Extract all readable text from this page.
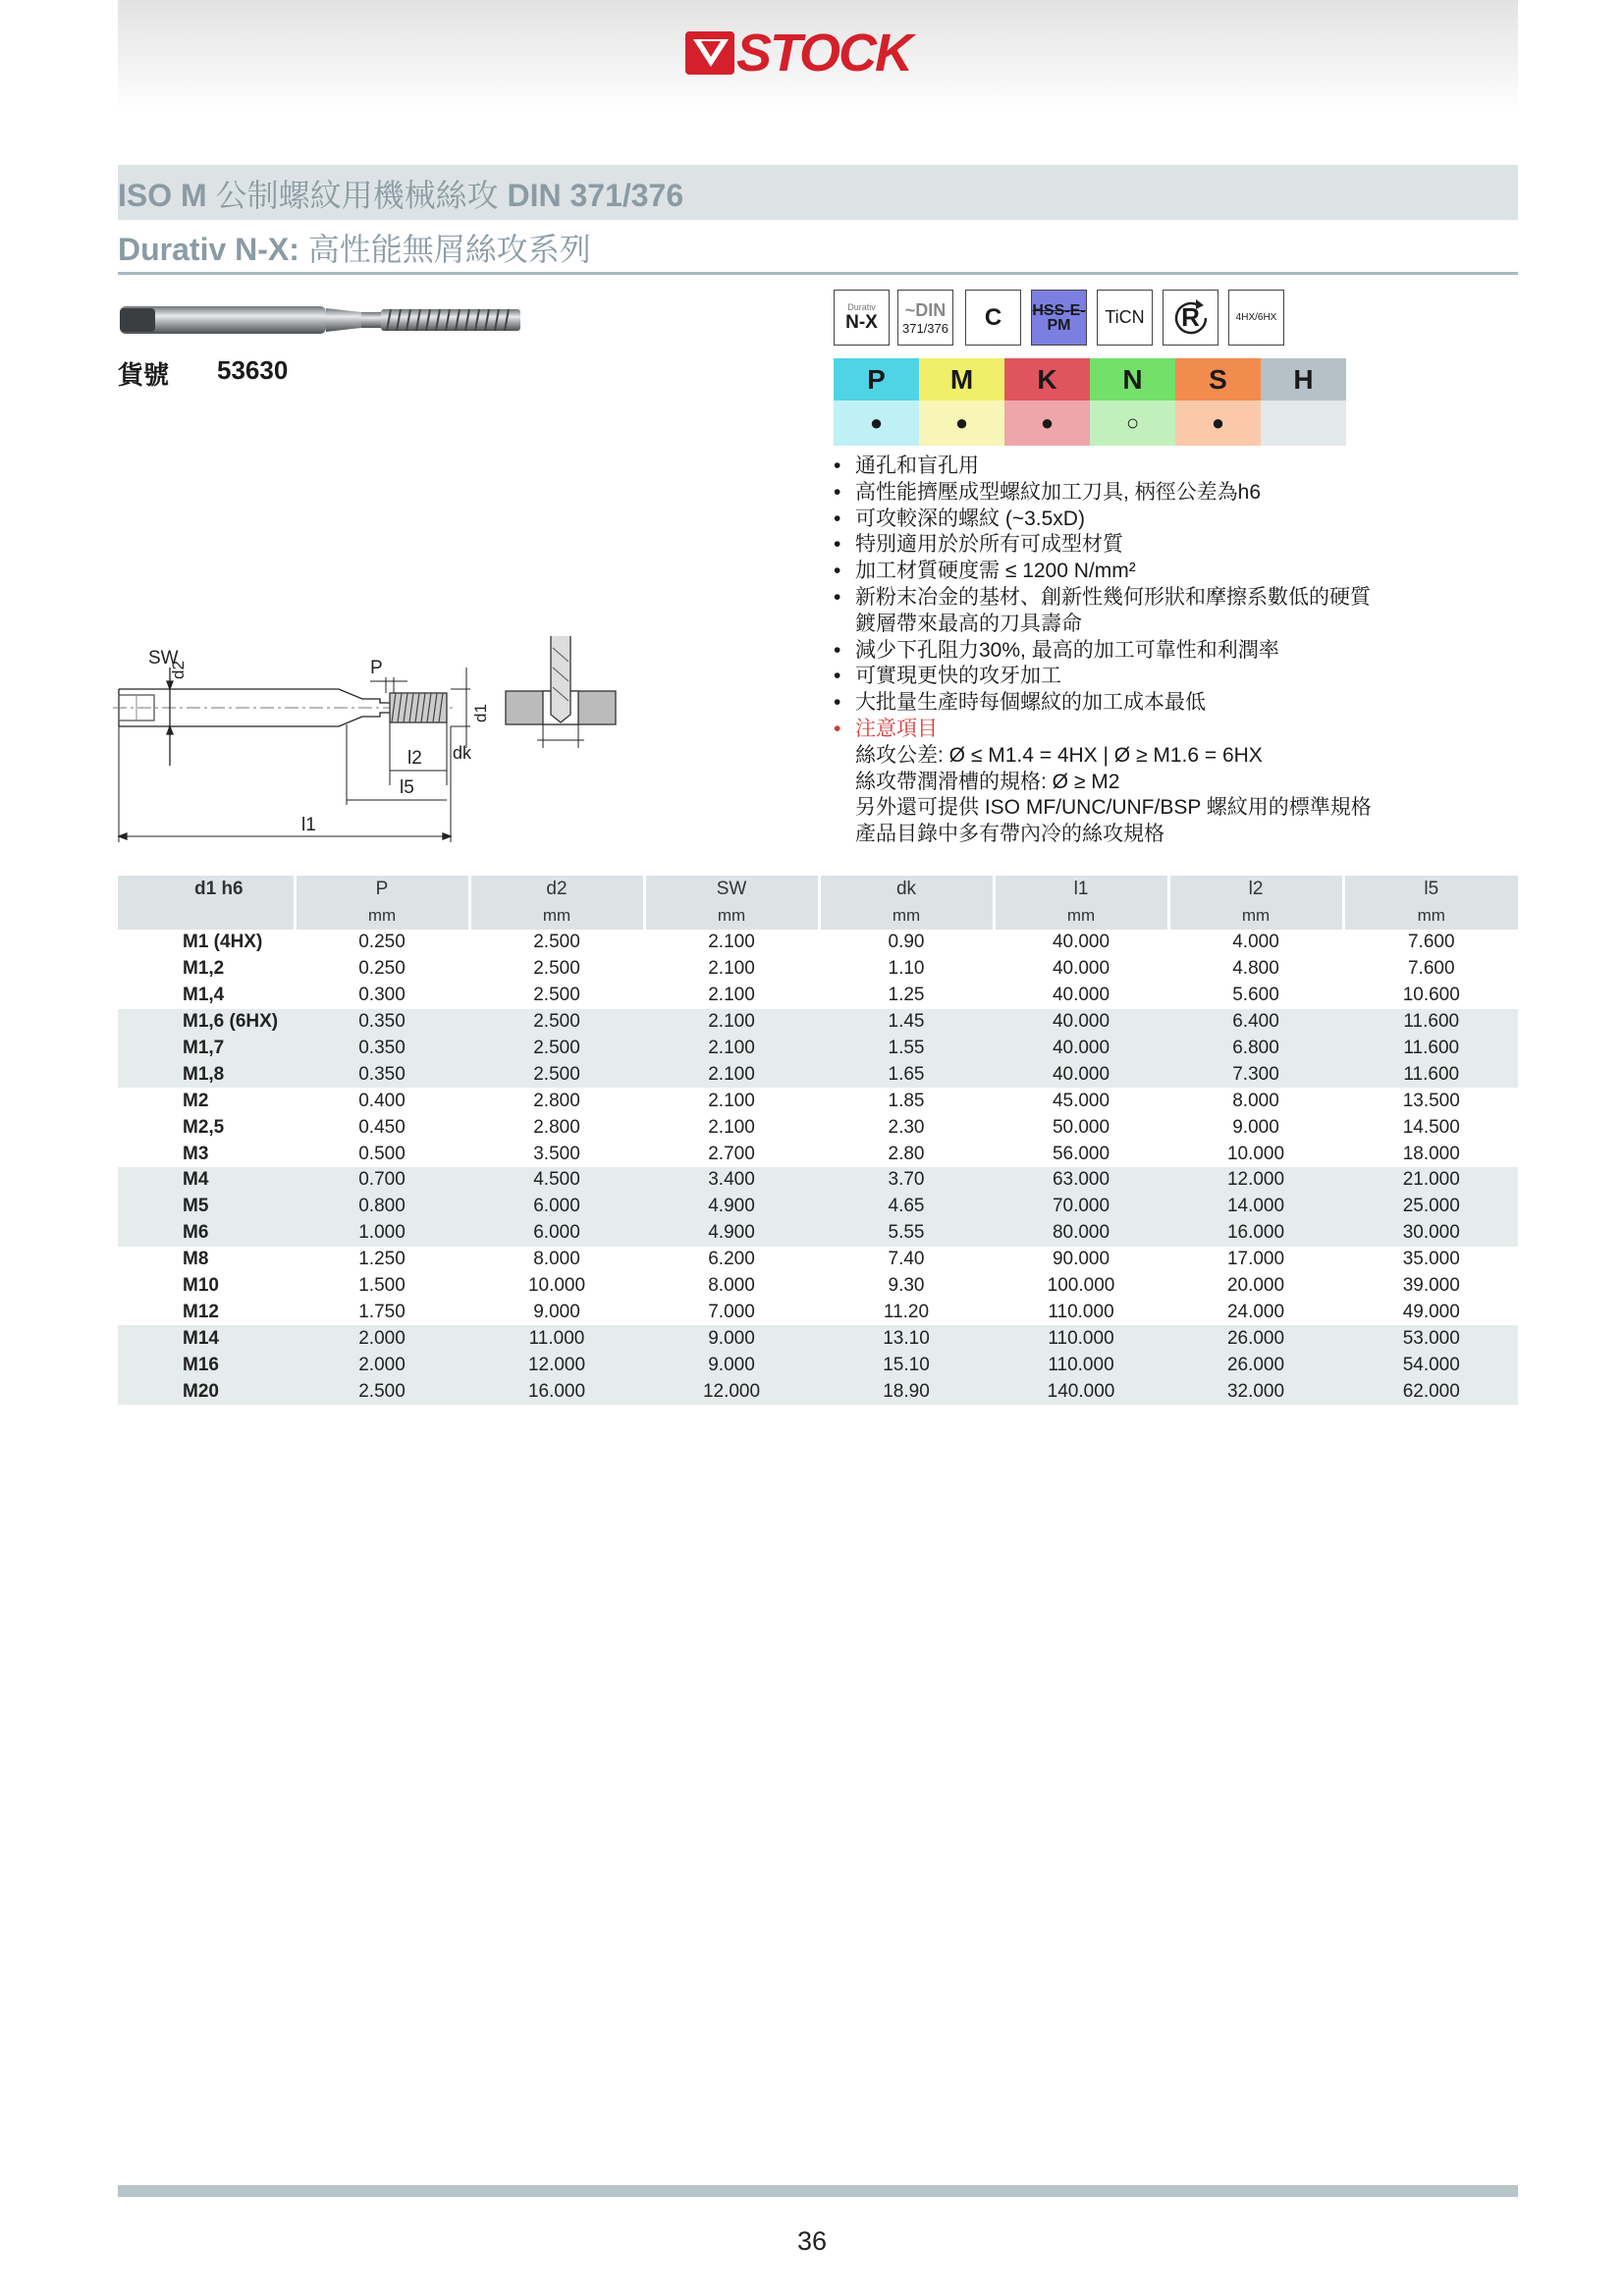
STOCK
ISO M 公制螺紋用機械絲攻 DIN 371/376
Durativ N-X: 高性能無屑絲攻系列
貨號 53630
Durativ
N-X
~DIN
371/376 C HSS-E-
PM TiCN R	4HX/6HX
P	M	K	N	S	H
●	●	●	○	●
• 通孔和盲孔用
• 高性能擠壓成型螺紋加工刀具, 柄徑公差為h6
• 可攻較深的螺紋 (~3.5xD)
• 特別適用於於所有可成型材質
• 加工材質硬度需 ≤ 1200 N/mm²
• 新粉末冶金的基材、創新性幾何形狀和摩擦系數低的硬質
鍍層帶來最高的刀具壽命
• 減少下孔阻力30%, 最高的加工可靠性和利潤率
• 可實現更快的攻牙加工
• 大批量生產時每個螺紋的加工成本最低
• 注意項目
絲攻公差: Ø ≤ M1.4 = 4HX | Ø ≥ M1.6 = 6HX
絲攻帶潤滑槽的規格: Ø ≥ M2
另外還可提供 ISO MF/UNC/UNF/BSP 螺紋用的標準規格
產品目錄中多有帶內冷的絲攻規格
SW
d2	P
d1
dk
l2
l5
l1
d1 h6	P	d2	SW	dk	l1	l2	l5
	mm	mm	mm	mm	mm	mm	mm
M1 (4HX)	0.250	2.500	2.100	0.90	40.000	4.000	7.600
M1,2	0.250	2.500	2.100	1.10	40.000	4.800	7.600
M1,4	0.300	2.500	2.100	1.25	40.000	5.600	10.600
M1,6 (6HX)	0.350	2.500	2.100	1.45	40.000	6.400	11.600
M1,7	0.350	2.500	2.100	1.55	40.000	6.800	11.600
M1,8	0.350	2.500	2.100	1.65	40.000	7.300	11.600
M2	0.400	2.800	2.100	1.85	45.000	8.000	13.500
M2,5	0.450	2.800	2.100	2.30	50.000	9.000	14.500
M3	0.500	3.500	2.700	2.80	56.000	10.000	18.000
M4	0.700	4.500	3.400	3.70	63.000	12.000	21.000
M5	0.800	6.000	4.900	4.65	70.000	14.000	25.000
M6	1.000	6.000	4.900	5.55	80.000	16.000	30.000
M8	1.250	8.000	6.200	7.40	90.000	17.000	35.000
M10	1.500	10.000	8.000	9.30	100.000	20.000	39.000
M12	1.750	9.000	7.000	11.20	110.000	24.000	49.000
M14	2.000	11.000	9.000	13.10	110.000	26.000	53.000
M16	2.000	12.000	9.000	15.10	110.000	26.000	54.000
M20	2.500	16.000	12.000	18.90	140.000	32.000	62.000
36
